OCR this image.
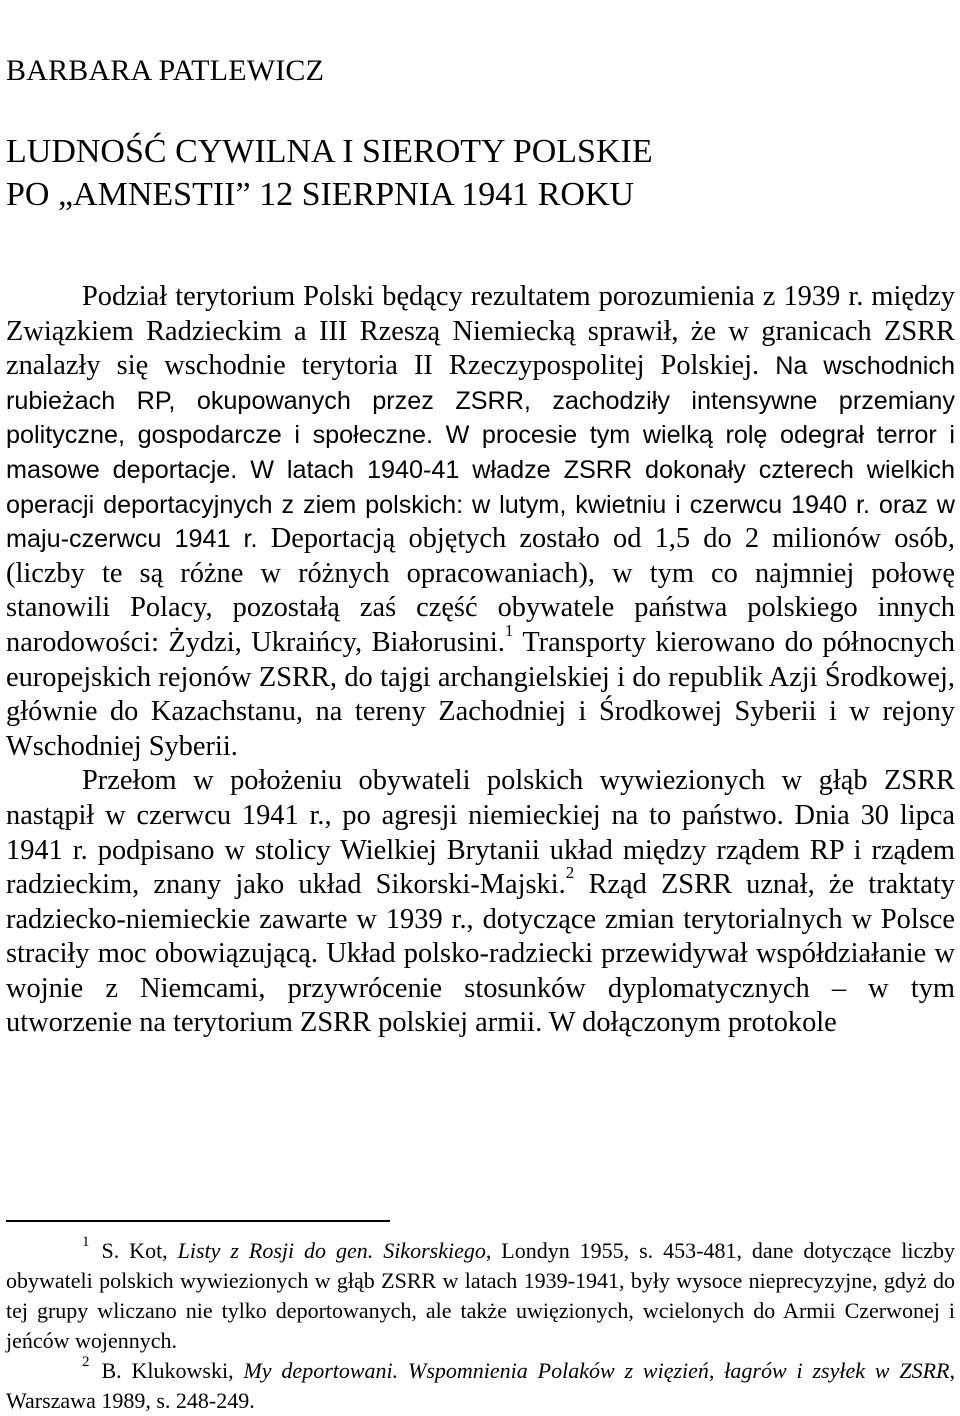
BARBARA PATLEWICZ
LUDNOŚĆ CYWILNA I SIEROTY POLSKIE
PO „AMNESTII” 12 SIERPNIA 1941 ROKU

Podział terytorium Polski będący rezultatem porozumienia z 1939 r. między Związkiem Radzieckim a III Rzeszą Niemiecką sprawił, że w granicach ZSRR znalazły się wschodnie terytoria II Rzeczypospolitej Polskiej. Na wschodnich rubieżach RP, okupowanych przez ZSRR, zachodziły intensywne przemiany polityczne, gospodarcze i społeczne. W procesie tym wielką rolę odegrał terror i masowe deportacje. W latach 1940-41 władze ZSRR dokonały czterech wielkich operacji deportacyjnych z ziem polskich: w lutym, kwietniu i czerwcu 1940 r. oraz w maju-czerwcu 1941 r. Deportacją objętych zostało od 1,5 do 2 milionów osób, (liczby te są różne w różnych opracowaniach), w tym co najmniej połowę stanowili Polacy, pozostałą zaś część obywatele państwa polskiego innych narodowości: Żydzi, Ukraińcy, Białorusini.$^1$ Transporty kierowano do północnych europejskich rejonów ZSRR, do tajgi archangielskiej i do republik Azji Środkowej, głównie do Kazachstanu, na tereny Zachodniej i Środkowej Syberii i w rejony Wschodniej Syberii.

Przełom w położeniu obywateli polskich wywiezionych w głąb ZSRR nastąpił w czerwcu 1941 r., po agresji niemieckiej na to państwo. Dnia 30 lipca 1941 r. podpisano w stolicy Wielkiej Brytanii układ między rządem RP i rządem radzieckim, znany jako układ Sikorski-Majski.$^2$ Rząd ZSRR uznał, że traktaty radziecko-niemieckie zawarte w 1939 r., dotyczące zmian terytorialnych w Polsce straciły moc obowiązującą. Układ polsko-radziecki przewidywał współdziałanie w wojnie z Niemcami, przywrócenie stosunków dyplomatycznych – w tym utworzenie na terytorium ZSRR polskiej armii. W dołączonym protokole

$^1$ S. Kot, Listy z Rosji do gen. Sikorskiego, Londyn 1955, s. 453-481, dane dotyczące liczby obywateli polskich wywiezionych w głąb ZSRR w latach 1939-1941, były wysoce nieprecyzyjne, gdyż do tej grupy wliczano nie tylko deportowanych, ale także uwięzionych, wcielonych do Armii Czerwonej i jeńców wojennych.

$^2$ B. Klukowski, My deportowani. Wspomnienia Polaków z więzień, łagrów i zsyłek w ZSRR, Warszawa 1989, s. 248-249.
